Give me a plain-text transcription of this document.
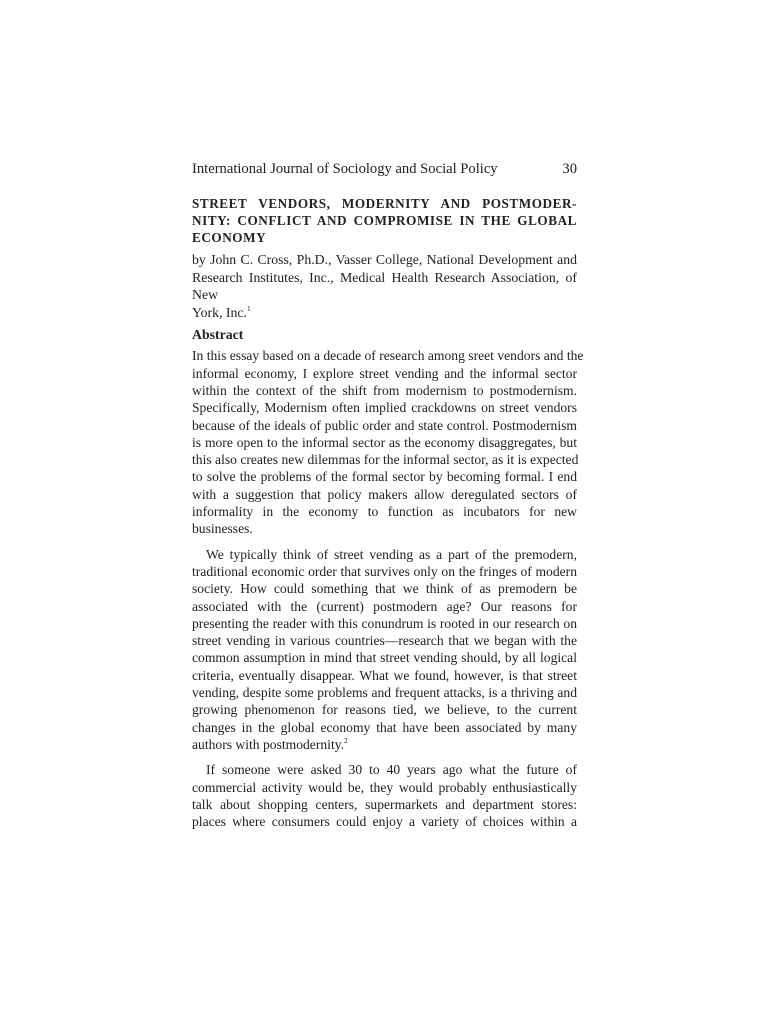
International Journal of Sociology and Social Policy	30
STREET VENDORS, MODERNITY AND POSTMODER-
NITY: CONFLICT AND COMPROMISE IN THE GLOBAL
ECONOMY
by John C. Cross, Ph.D., Vasser College, National Development and
Research Institutes, Inc., Medical Health Research Association, of New
York, Inc.$^1$
Abstract

In this essay based on a decade of research among sreet vendors and the
informal economy, I explore street vending and the informal sector
within the context of the shift from modernism to postmodernism.
Specifically, Modernism often implied crackdowns on street vendors
because of the ideals of public order and state control. Postmodernism
is more open to the informal sector as the economy disaggregates, but
this also creates new dilemmas for the informal sector, as it is expected
to solve the problems of the formal sector by becoming formal. I end
with a suggestion that policy makers allow deregulated sectors of
informality in the economy to function as incubators for new
businesses.

We typically think of street vending as a part of the premodern,
traditional economic order that survives only on the fringes of modern
society. How could something that we think of as premodern be
associated with the (current) postmodern age? Our reasons for
presenting the reader with this conundrum is rooted in our research on
street vending in various countries—research that we began with the
common assumption in mind that street vending should, by all logical
criteria, eventually disappear. What we found, however, is that street
vending, despite some problems and frequent attacks, is a thriving and
growing phenomenon for reasons tied, we believe, to the current
changes in the global economy that have been associated by many
authors with postmodernity.$^2$

If someone were asked 30 to 40 years ago what the future of
commercial activity would be, they would probably enthusiastically
talk about shopping centers, supermarkets and department stores:
places where consumers could enjoy a variety of choices within a
